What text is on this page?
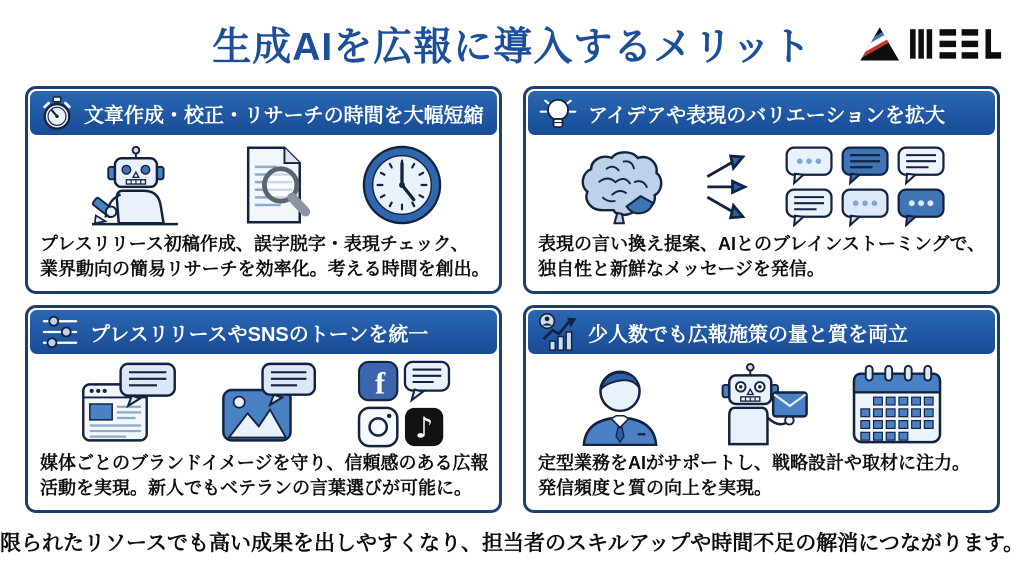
生成AIを広報に導入するメリット
文章作成・校正・リサーチの時間を大幅短縮
プレスリリース初稿作成、誤字脱字・表現チェック、
業界動向の簡易リサーチを効率化。考える時間を創出。
アイデアや表現のバリエーションを拡大
表現の言い換え提案、AIとのブレインストーミングで、
独自性と新鮮なメッセージを発信。
プレスリリースやSNSのトーンを統一
f
♪
媒体ごとのブランドイメージを守り、信頼感のある広報
活動を実現。新人でもベテランの言葉選びが可能に。
少人数でも広報施策の量と質を両立
定型業務をAIがサポートし、戦略設計や取材に注力。
発信頻度と質の向上を実現。
限られたリソースでも高い成果を出しやすくなり、担当者のスキルアップや時間不足の解消につながります。
